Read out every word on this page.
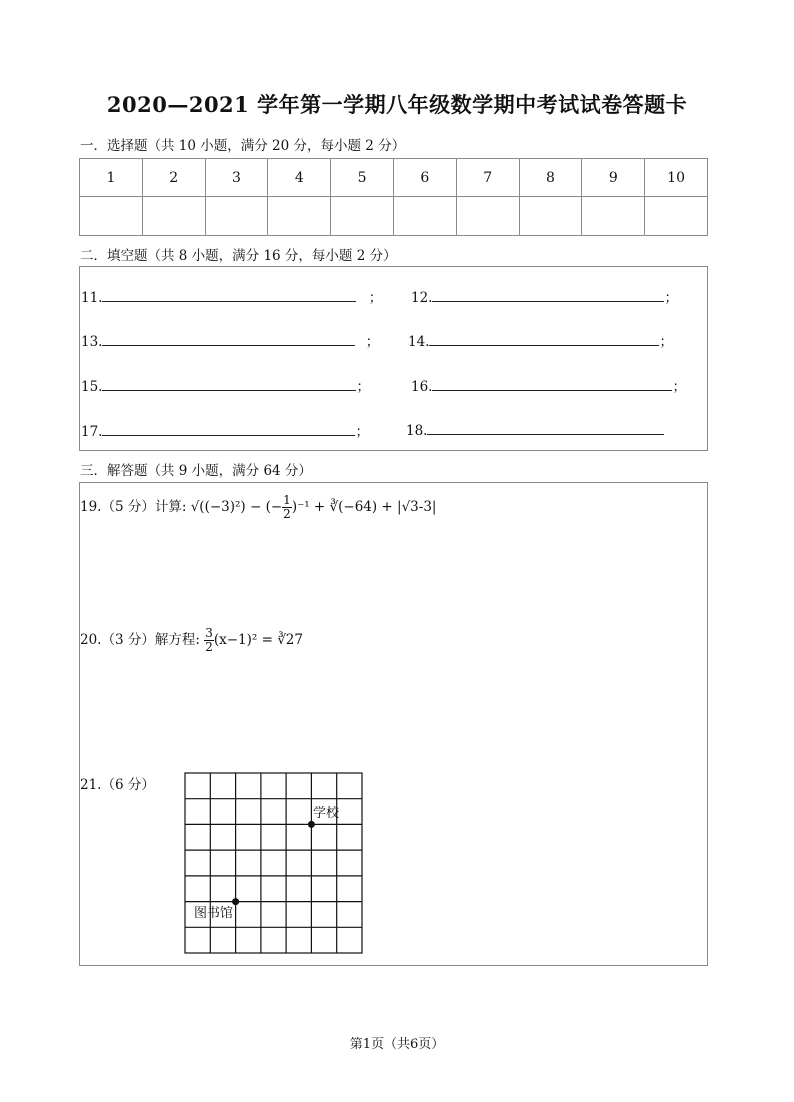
2020—2021 学年第一学期八年级数学期中考试试卷答题卡
一．选择题（共 10 小题，满分 20 分，每小题 2 分）
1	2	3	4	5	6	7	8	9	10

二．填空题（共 8 小题，满分 16 分，每小题 2 分）
11.	； 12.	；
13.	； 14.	；
15.	；	16.	；
17.	；	18.
三．解答题（共 9 小题，满分 64 分）
19.（5 分）计算: √((−3)²) − (− $\frac{1}{2} )^{-1}$ + ∛(−64) + |√3-3|
20.（3 分）解方程: $\frac{3}{2} (x-1)^2$ = ∛27
21.（6 分）
学校
图书馆
第1页（共6页）
